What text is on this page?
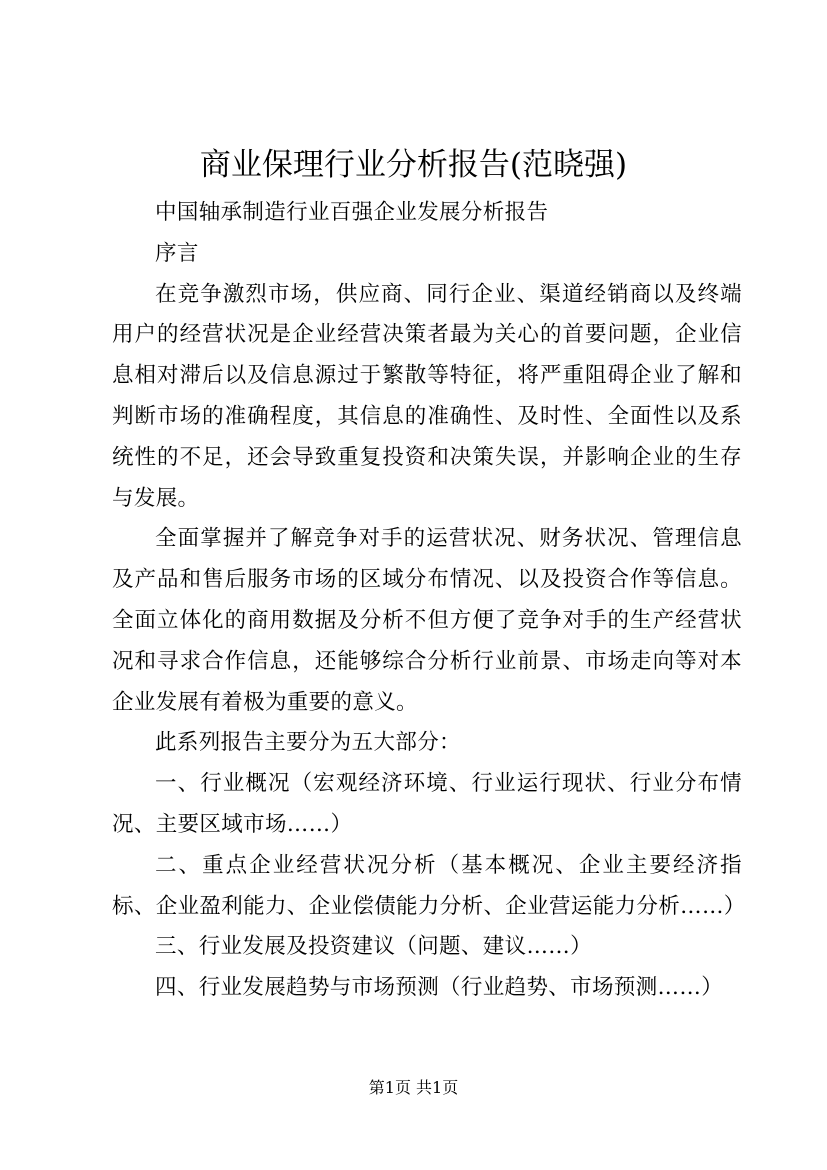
商业保理行业分析报告(范晓强)

中国轴承制造行业百强企业发展分析报告

序言

在竞争激烈市场，供应商、同行企业、渠道经销商以及终端用户的经营状况是企业经营决策者最为关心的首要问题，企业信息相对滞后以及信息源过于繁散等特征，将严重阻碍企业了解和判断市场的准确程度，其信息的准确性、及时性、全面性以及系统性的不足，还会导致重复投资和决策失误，并影响企业的生存与发展。

全面掌握并了解竞争对手的运营状况、财务状况、管理信息及产品和售后服务市场的区域分布情况、以及投资合作等信息。全面立体化的商用数据及分析不但方便了竞争对手的生产经营状况和寻求合作信息，还能够综合分析行业前景、市场走向等对本企业发展有着极为重要的意义。

此系列报告主要分为五大部分：

一、行业概况（宏观经济环境、行业运行现状、行业分布情况、主要区域市场……）

二、重点企业经营状况分析（基本概况、企业主要经济指标、企业盈利能力、企业偿债能力分析、企业营运能力分析……）

三、行业发展及投资建议（问题、建议……）

四、行业发展趋势与市场预测（行业趋势、市场预测……）

第1页 共1页
